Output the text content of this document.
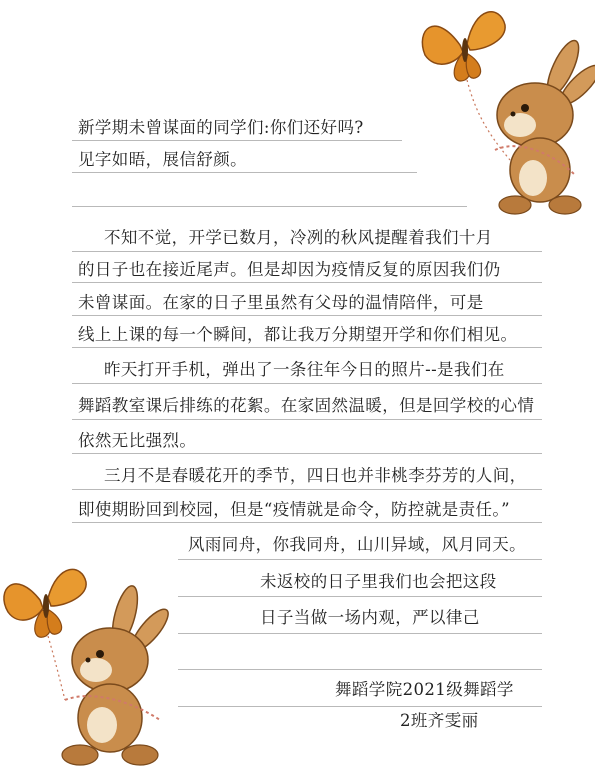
新学期未曾谋面的同学们:你们还好吗?
见字如晤，展信舒颜。
不知不觉，开学已数月，冷冽的秋风提醒着我们十月
的日子也在接近尾声。但是却因为疫情反复的原因我们仍
未曾谋面。在家的日子里虽然有父母的温情陪伴，可是
线上上课的每一个瞬间，都让我万分期望开学和你们相见。
昨天打开手机，弹出了一条往年今日的照片--是我们在
舞蹈教室课后排练的花絮。在家固然温暖，但是回学校的心情
依然无比强烈。
三月不是春暖花开的季节，四日也并非桃李芬芳的人间，
即使期盼回到校园，但是“疫情就是命令，防控就是责任。”
风雨同舟，你我同舟，山川异域，风月同天。
未返校的日子里我们也会把这段
日子当做一场内观，严以律己
舞蹈学院2021级舞蹈学
2班齐雯丽
